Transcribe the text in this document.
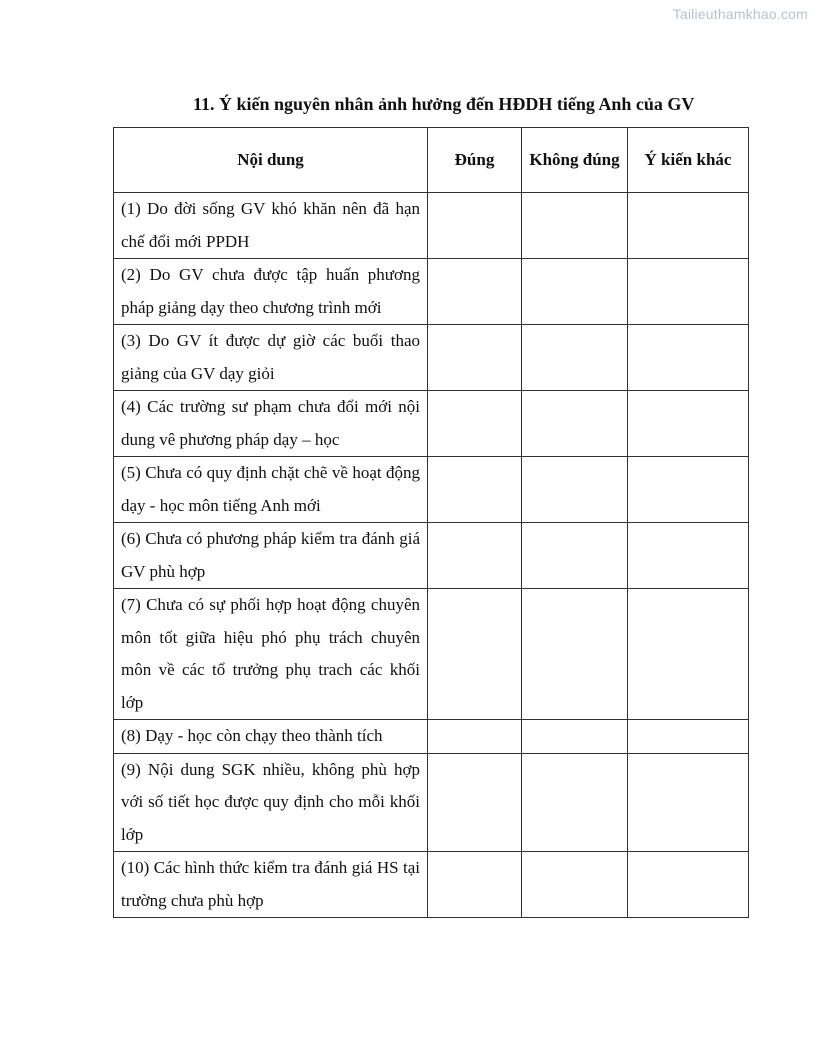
Tailieuthamkhao.com
11. Ý kiến nguyên nhân ảnh hưởng đến HĐDH tiếng Anh của GV
Nội dung	Đúng	Không đúng	Ý kiến khác
(1) Do đời sống GV khó khăn nên đã hạn chế đổi mới PPDH			
(2) Do GV chưa được tập huấn phương pháp giảng dạy theo chương trình mới			
(3) Do GV ít được dự giờ các buổi thao giảng của GV dạy giỏi			
(4) Các trường sư phạm chưa đổi mới nội dung vê phương pháp dạy – học			
(5) Chưa có quy định chặt chẽ về hoạt động dạy - học môn tiếng Anh mới			
(6) Chưa có phương pháp kiểm tra đánh giá GV phù hợp			
(7) Chưa có sự phối hợp hoạt động chuyên môn tốt giữa hiệu phó phụ trách chuyên môn về các tổ trưởng phụ trach các khối lớp			
(8) Dạy - học còn chạy theo thành tích			
(9) Nội dung SGK nhiều, không phù hợp với số tiết học được quy định cho mỗi khối lớp			
(10) Các hình thức kiểm tra đánh giá HS tại trường chưa phù hợp			
